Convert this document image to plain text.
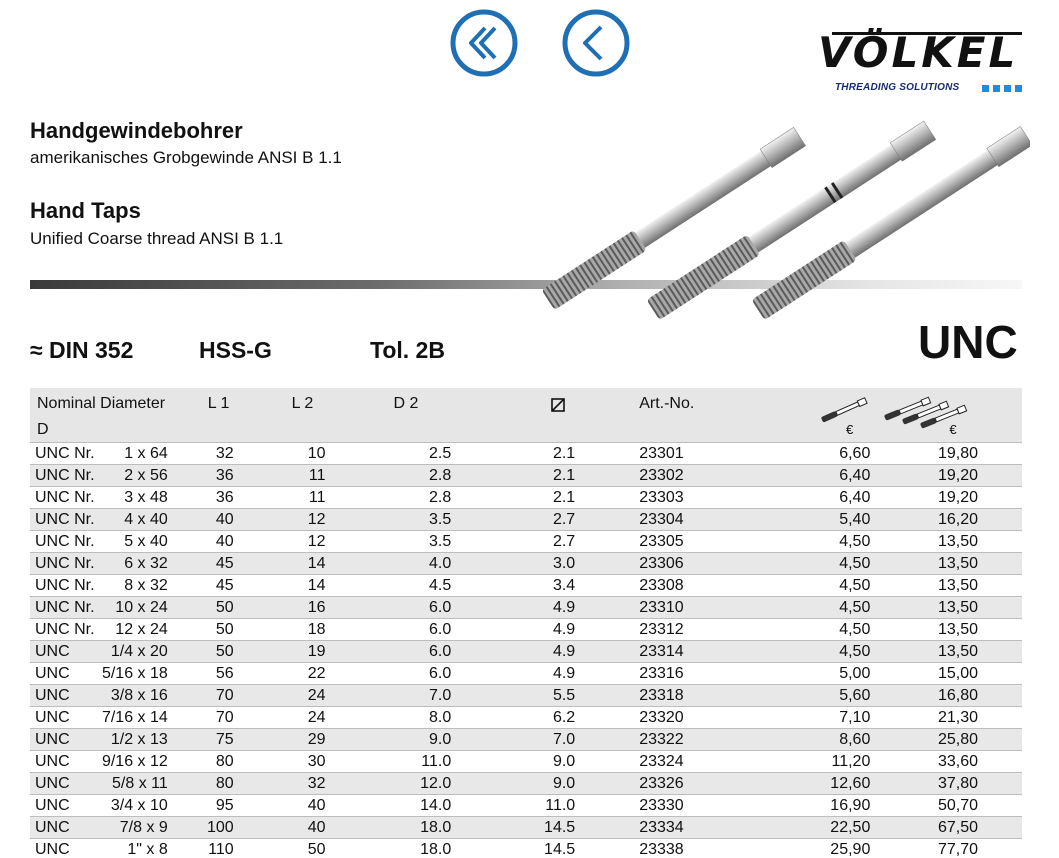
VÖLKEL
THREADING SOLUTIONS
Handgewindebohrer
amerikanisches Grobgewinde ANSI B 1.1
Hand Taps
Unified Coarse thread ANSI B 1.1
≈ DIN 352	HSS-G	Tol. 2B	UNC
Nominal Diameter
D		L 1	L 2	D 2		Art.-No.	€	€

UNC Nr.	1 x 64	32	10	2.5	2.1	23301	6,60	19,80
UNC Nr.	2 x 56	36	11	2.8	2.1	23302	6,40	19,20
UNC Nr.	3 x 48	36	11	2.8	2.1	23303	6,40	19,20
UNC Nr.	4 x 40	40	12	3.5	2.7	23304	5,40	16,20
UNC Nr.	5 x 40	40	12	3.5	2.7	23305	4,50	13,50
UNC Nr.	6 x 32	45	14	4.0	3.0	23306	4,50	13,50
UNC Nr.	8 x 32	45	14	4.5	3.4	23308	4,50	13,50
UNC Nr.	10 x 24	50	16	6.0	4.9	23310	4,50	13,50
UNC Nr.	12 x 24	50	18	6.0	4.9	23312	4,50	13,50
UNC	1/4 x 20	50	19	6.0	4.9	23314	4,50	13,50
UNC	5/16 x 18	56	22	6.0	4.9	23316	5,00	15,00
UNC	3/8 x 16	70	24	7.0	5.5	23318	5,60	16,80
UNC	7/16 x 14	70	24	8.0	6.2	23320	7,10	21,30
UNC	1/2 x 13	75	29	9.0	7.0	23322	8,60	25,80
UNC	9/16 x 12	80	30	11.0	9.0	23324	11,20	33,60
UNC	5/8 x 11	80	32	12.0	9.0	23326	12,60	37,80
UNC	3/4 x 10	95	40	14.0	11.0	23330	16,90	50,70
UNC	7/8 x 9	100	40	18.0	14.5	23334	22,50	67,50
UNC	1" x 8	110	50	18.0	14.5	23338	25,90	77,70
